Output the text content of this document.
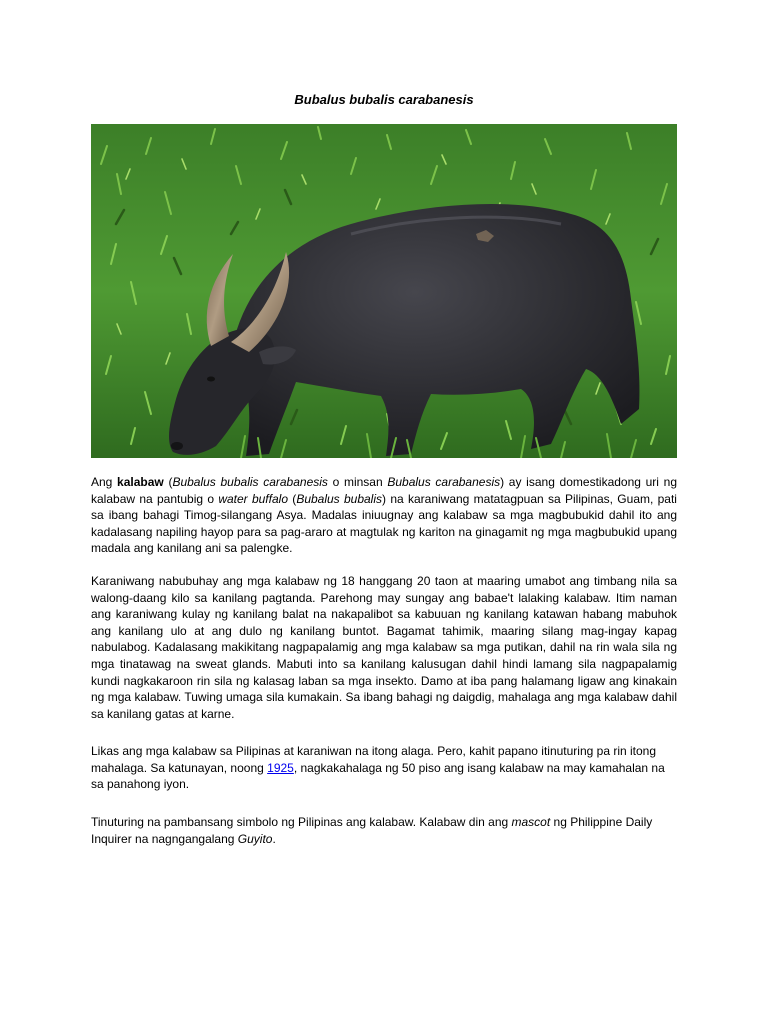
Bubalus bubalis carabanesis

Ang kalabaw (Bubalus bubalis carabanesis o minsan Bubalus carabanesis) ay isang domestikadong uri ng kalabaw na pantubig o water buffalo (Bubalus bubalis) na karaniwang matatagpuan sa Pilipinas, Guam, pati sa ibang bahagi Timog-silangang Asya. Madalas iniuugnay ang kalabaw sa mga magbubukid dahil ito ang kadalasang napiling hayop para sa pag-araro at magtulak ng kariton na ginagamit ng mga magbubukid upang madala ang kanilang ani sa palengke.

Karaniwang nabubuhay ang mga kalabaw ng 18 hanggang 20 taon at maaring umabot ang timbang nila sa walong-daang kilo sa kanilang pagtanda. Parehong may sungay ang babae't lalaking kalabaw. Itim naman ang karaniwang kulay ng kanilang balat na nakapalibot sa kabuuan ng kanilang katawan habang mabuhok ang kanilang ulo at ang dulo ng kanilang buntot. Bagamat tahimik, maaring silang mag-ingay kapag nabulabog. Kadalasang makikitang nagpapalamig ang mga kalabaw sa mga putikan, dahil na rin wala sila ng mga tinatawag na sweat glands. Mabuti into sa kanilang kalusugan dahil hindi lamang sila nagpapalamig kundi nagkakaroon rin sila ng kalasag laban sa mga insekto. Damo at iba pang halamang ligaw ang kinakain ng mga kalabaw. Tuwing umaga sila kumakain. Sa ibang bahagi ng daigdig, mahalaga ang mga kalabaw dahil sa kanilang gatas at karne.

Likas ang mga kalabaw sa Pilipinas at karaniwan na itong alaga. Pero, kahit papano itinuturing pa rin itong mahalaga. Sa katunayan, noong 1925, nagkakahalaga ng 50 piso ang isang kalabaw na may kamahalan na sa panahong iyon.

Tinuturing na pambansang simbolo ng Pilipinas ang kalabaw. Kalabaw din ang mascot ng Philippine Daily Inquirer na nagngangalang Guyito.
